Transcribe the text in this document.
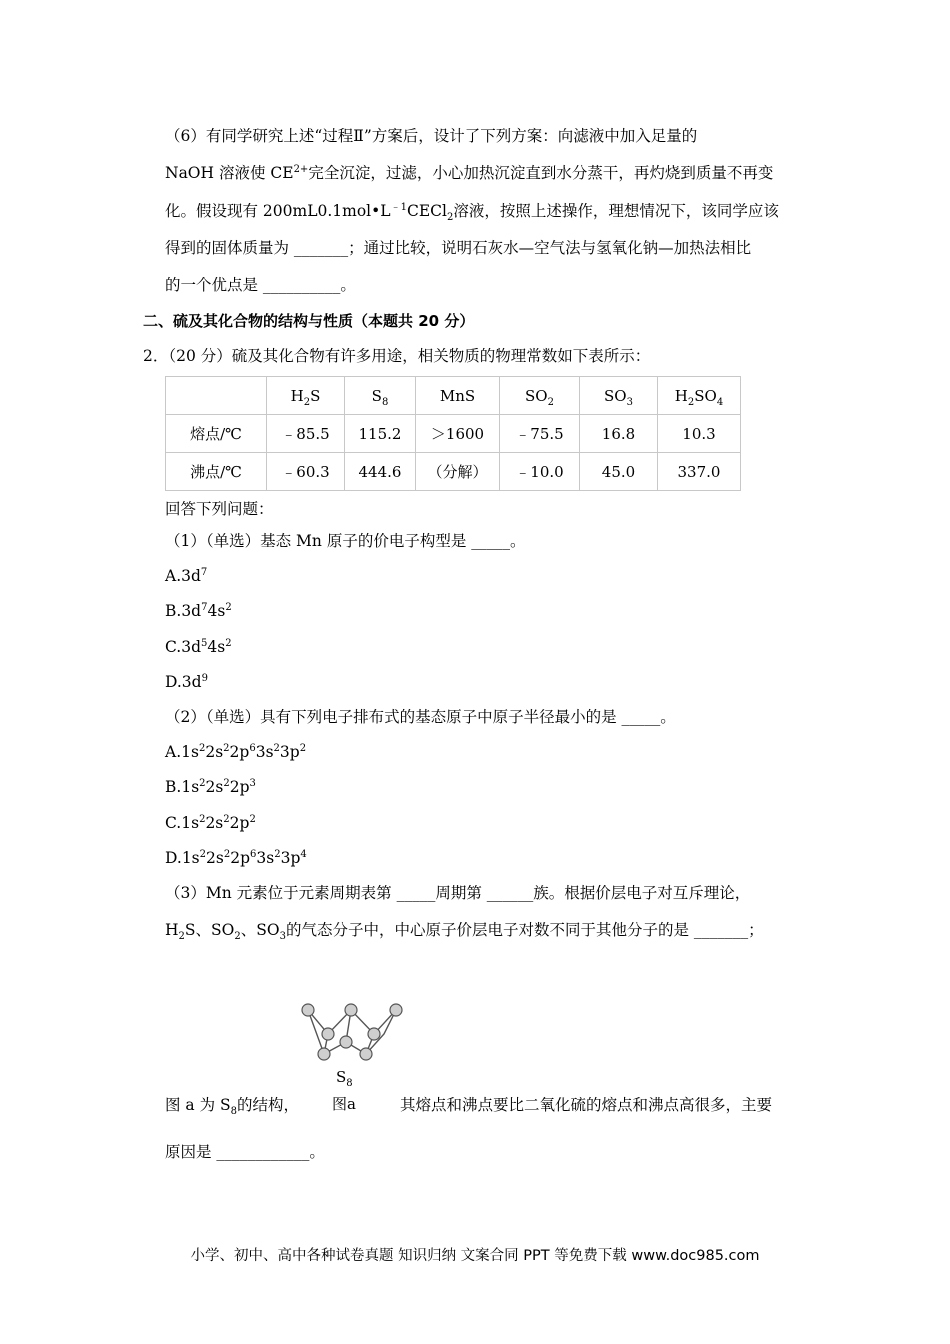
（6）有同学研究上述“过程Ⅱ”方案后，设计了下列方案：向滤液中加入足量的
NaOH 溶液使 $CE^{2+}$完全沉淀，过滤，小心加热沉淀直到水分蒸干，再灼烧到质量不再变
化。假设现有 $200mL0.1mol•L^{﹣1}CECl_2$溶液，按照上述操作，理想情况下，该同学应该
得到的固体质量为 _______；通过比较，说明石灰水—空气法与氢氧化钠—加热法相比
的一个优点是 __________。
二、硫及其化合物的结构与性质（本题共 20 分）
2．（20 分）硫及其化合物有许多用途，相关物质的物理常数如下表所示：
	$H_2S$	$S_8$	MnS	$SO_2$	$SO_3$	$H_2SO_4$
熔点/℃	﹣85.5	115.2	＞1600	﹣75.5	16.8	10.3
沸点/℃	﹣60.3	444.6	（分解）	﹣10.0	45.0	337.0
回答下列问题：
（1）（单选）基态 Mn 原子的价电子构型是 _____。
$A.3d^7$
$B.3d^74s^2$
$C.3d^54s^2$
$D.3d^9$
（2）（单选）具有下列电子排布式的基态原子中原子半径最小的是 _____。
$A.1s^22s^22p^63s^23p^2$
$B.1s^22s^22p^3$
$C.1s^22s^22p^2$
$D.1s^22s^22p^63s^23p^4$
（3）Mn 元素位于元素周期表第 _____周期第 ______族。根据价层电子对互斥理论，
$H_2S$、$SO_2$、$SO_3$的气态分子中，中心原子价层电子对数不同于其他分子的是 _______；
$S_8$
图a
图 a 为 $S_8$的结构，	其熔点和沸点要比二氧化硫的熔点和沸点高很多，主要
原因是 ____________。
小学、初中、高中各种试卷真题 知识归纳 文案合同 PPT 等免费下载 www.doc985.com
